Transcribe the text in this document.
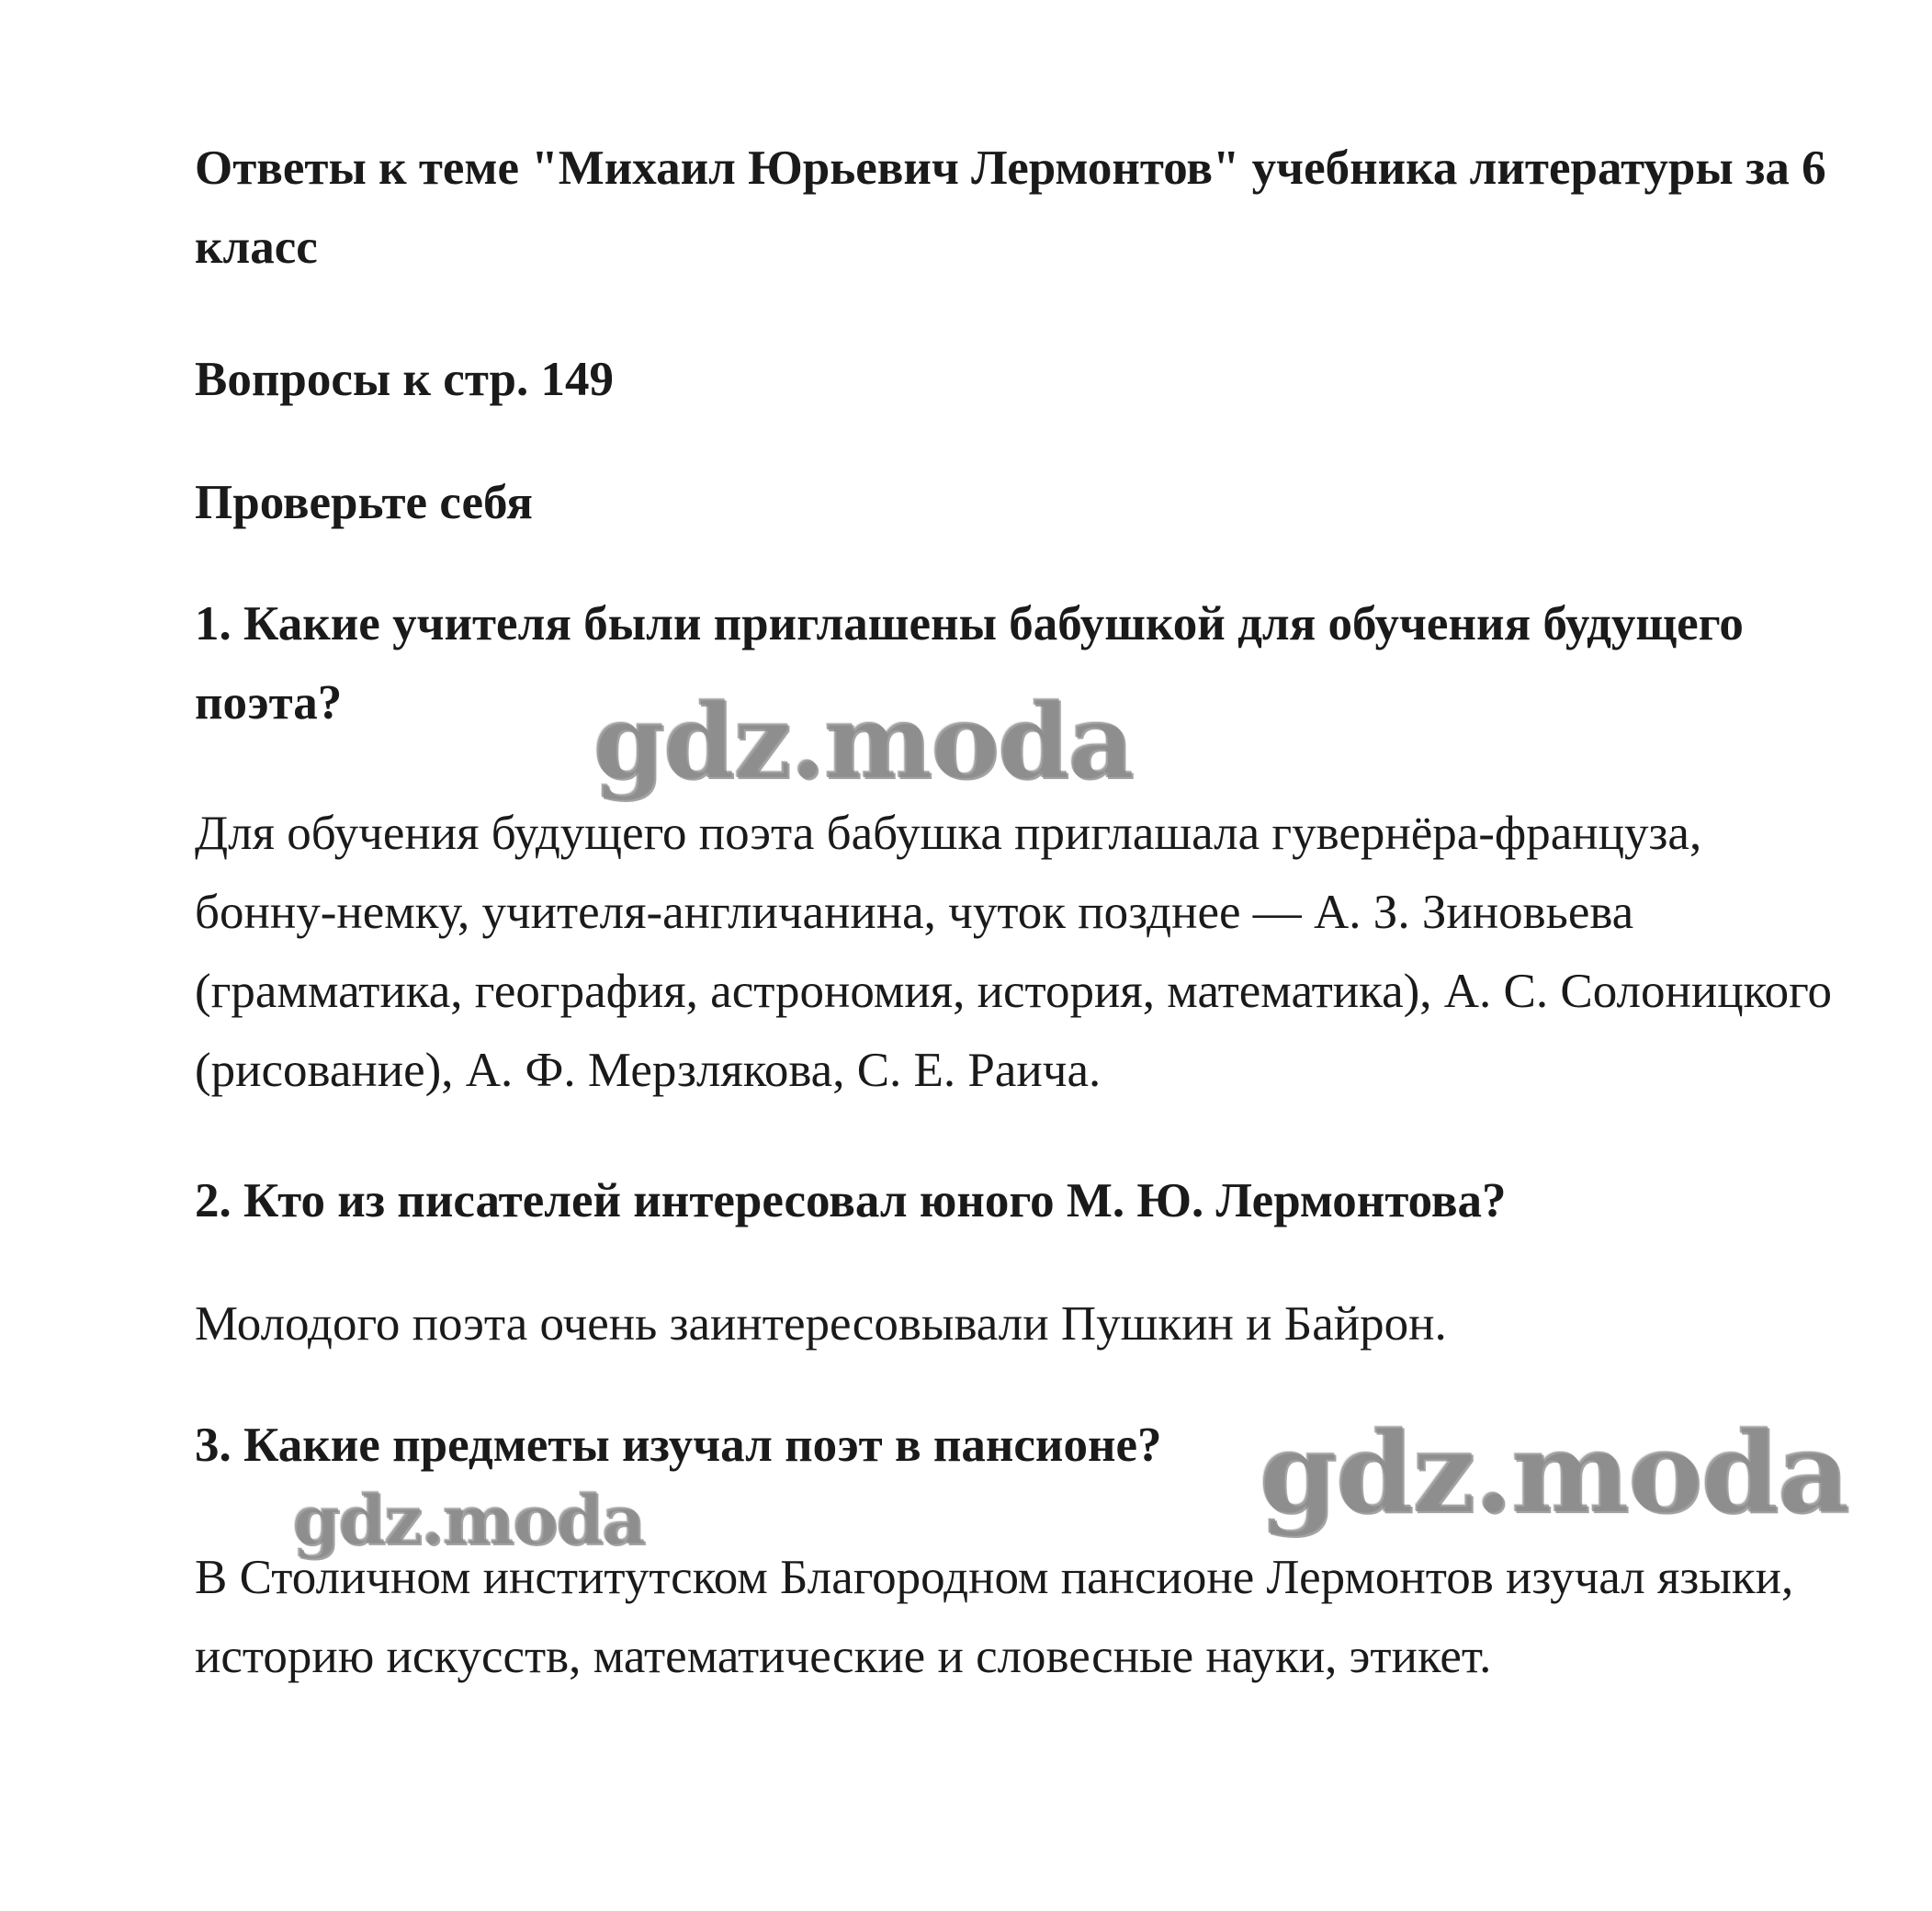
Ответы к теме "Михаил Юрьевич Лермонтов" учебника литературы за 6 класс
Вопросы к стр. 149
Проверьте себя

1. Какие учителя были приглашены бабушкой для обучения будущего поэта?

Для обучения будущего поэта бабушка приглашала гувернёра-француза, бонну-немку, учителя-англичанина, чуток позднее — А. З. Зиновьева (грамматика, география, астрономия, история, математика), А. С. Солоницкого (рисование), А. Ф. Мерзлякова, С. Е. Раича.

2. Кто из писателей интересовал юного М. Ю. Лермонтова?

Молодого поэта очень заинтересовывали Пушкин и Байрон.

3. Какие предметы изучал поэт в пансионе?

В Столичном институтском Благородном пансионе Лермонтов изучал языки, историю искусств, математические и словесные науки, этикет.

gdz.moda
gdz.moda
gdz.moda
